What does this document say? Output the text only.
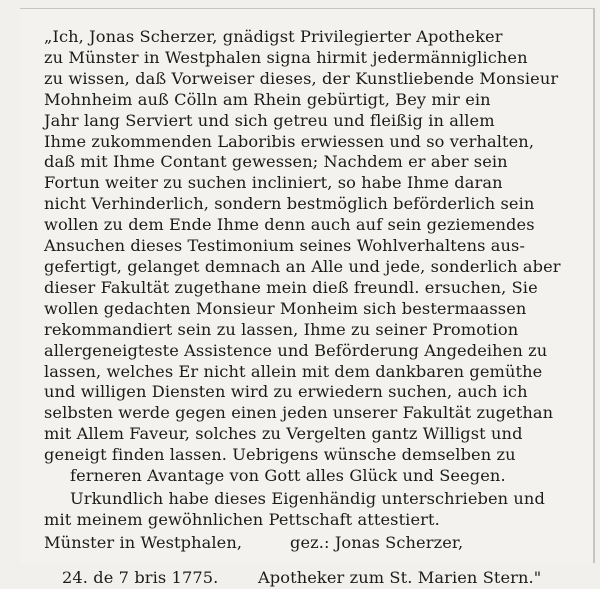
„Ich, Jonas Scherzer, gnädigst Privilegierter Apotheker
zu Münster in Westphalen signa hirmit jedermänniglichen
zu wissen, daß Vorweiser dieses, der Kunstliebende Monsieur
Mohnheim auß Cölln am Rhein gebürtigt, Bey mir ein
Jahr lang Serviert und sich getreu und fleißig in allem
Ihme zukommenden Laboribis erwiessen und so verhalten,
daß mit Ihme Contant gewessen; Nachdem er aber sein
Fortun weiter zu suchen incliniert, so habe Ihme daran
nicht Verhinderlich, sondern bestmöglich beförderlich sein
wollen zu dem Ende Ihme denn auch auf sein geziemendes
Ansuchen dieses Testimonium seines Wohlverhaltens aus-
gefertigt, gelanget demnach an Alle und jede, sonderlich aber
dieser Fakultät zugethane mein dieß freundl. ersuchen, Sie
wollen gedachten Monsieur Monheim sich bestermaassen
rekommandiert sein zu lassen, Ihme zu seiner Promotion
allergeneigteste Assistence und Beförderung Angedeihen zu
lassen, welches Er nicht allein mit dem dankbaren gemüthe
und willigen Diensten wird zu erwiedern suchen, auch ich
selbsten werde gegen einen jeden unserer Fakultät zugethan
mit Allem Faveur, solches zu Vergelten gantz Willigst und
geneigt finden lassen. Uebrigens wünsche demselben zu
ferneren Avantage von Gott alles Glück und Seegen.
Urkundlich habe dieses Eigenhändig unterschrieben und
mit meinem gewöhnlichen Pettschaft attestiert.
Münster in Westphalen,	gez.: Jonas Scherzer,
24. de 7 bris 1775.	Apotheker zum St. Marien Stern."
